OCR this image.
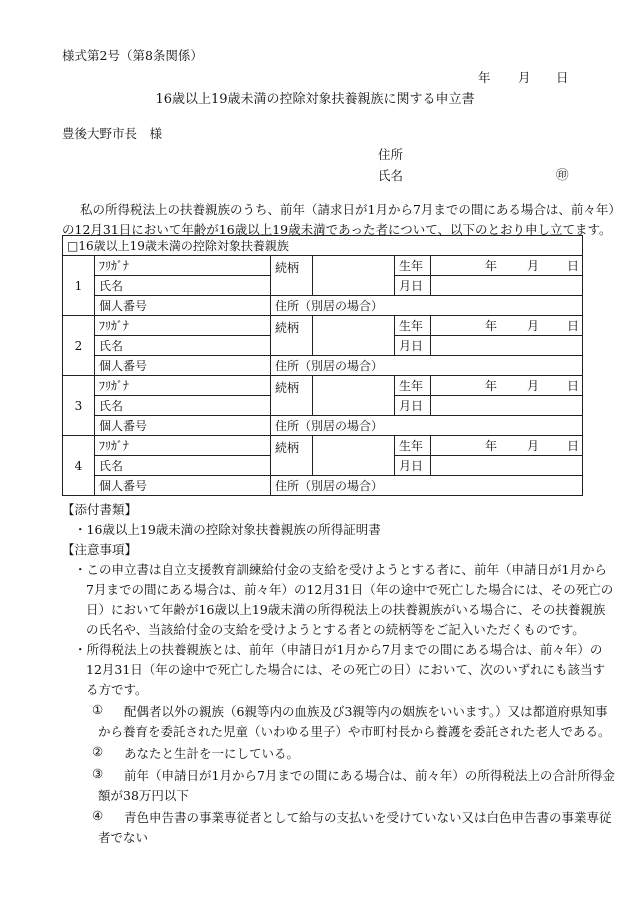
様式第2号（第8条関係）
年 月 日
16歳以上19歳未満の控除対象扶養親族に関する申立書
豊後大野市長　様
住所
氏名	㊞
私の所得税法上の扶養親族のうち、前年（請求日が1月から7月までの間にある場合は、前々年）
の12月31日において年齢が16歳以上19歳未満であった者について、以下のとおり申し立てます。
□16歳以上19歳未満の控除対象扶養親族					
1	ﾌﾘｶﾞﾅ	続柄		生年	年 月 日
	氏名			月日	
	個人番号	住所（別居の場合）			
2	ﾌﾘｶﾞﾅ	続柄		生年	年 月 日
	氏名			月日	
	個人番号	住所（別居の場合）			
3	ﾌﾘｶﾞﾅ	続柄		生年	年 月 日
	氏名			月日	
	個人番号	住所（別居の場合）			
4	ﾌﾘｶﾞﾅ	続柄		生年	年 月 日
	氏名			月日	
	個人番号	住所（別居の場合）			
【添付書類】
・16歳以上19歳未満の控除対象扶養親族の所得証明書
【注意事項】
・この申立書は自立支援教育訓練給付金の支給を受けようとする者に、前年（申請日が1月から
7月までの間にある場合は、前々年）の12月31日（年の途中で死亡した場合には、その死亡の
日）において年齢が16歳以上19歳未満の所得税法上の扶養親族がいる場合に、その扶養親族
の氏名や、当該給付金の支給を受けようとする者との続柄等をご記入いただくものです。
・所得税法上の扶養親族とは、前年（申請日が1月から7月までの間にある場合は、前々年）の
12月31日（年の途中で死亡した場合には、その死亡の日）において、次のいずれにも該当す
る方です。
① 配偶者以外の親族（6親等内の血族及び3親等内の姻族をいいます。）又は都道府県知事
から養育を委託された児童（いわゆる里子）や市町村長から養護を委託された老人である。
② あなたと生計を一にしている。
③ 前年（申請日が1月から7月までの間にある場合は、前々年）の所得税法上の合計所得金
額が38万円以下
④ 青色申告書の事業専従者として給与の支払いを受けていない又は白色申告書の事業専従
者でない
